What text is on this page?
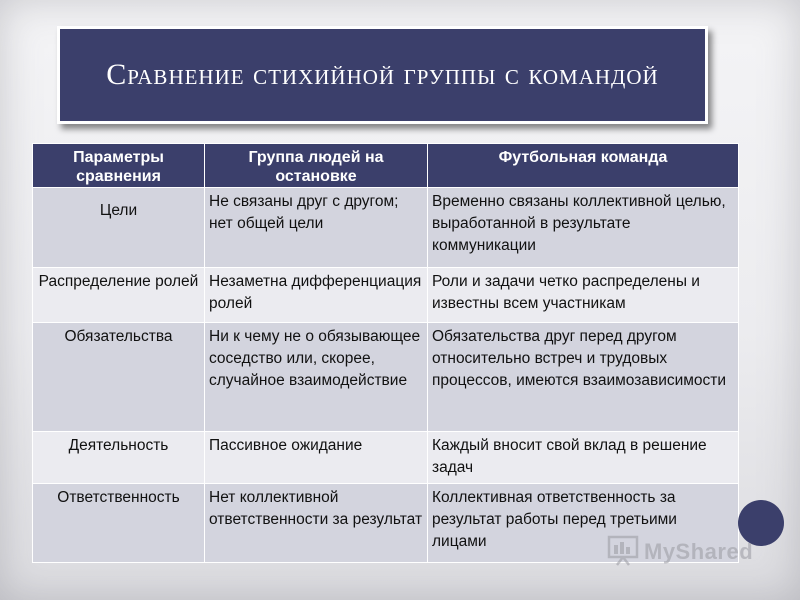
Сравнение стихийной группы с командой
Параметры сравнения	Группа людей на остановке	Футбольная команда
Цели	Не связаны друг с другом; нет общей цели	Временно связаны коллективной целью, выработанной в результате коммуникации
Распределение ролей	Незаметна дифференциация ролей	Роли и задачи четко распределены и известны всем участникам
Обязательства	Ни к чему не о обязывающее соседство или, скорее, случайное взаимодействие	Обязательства друг перед другом относительно встреч и трудовых процессов, имеются взаимозависимости
Деятельность	Пассивное ожидание	Каждый вносит свой вклад в решение задач
Ответственность	Нет коллективной ответственности за результат	Коллективная ответственность за результат работы перед третьими лицами	MyShared
